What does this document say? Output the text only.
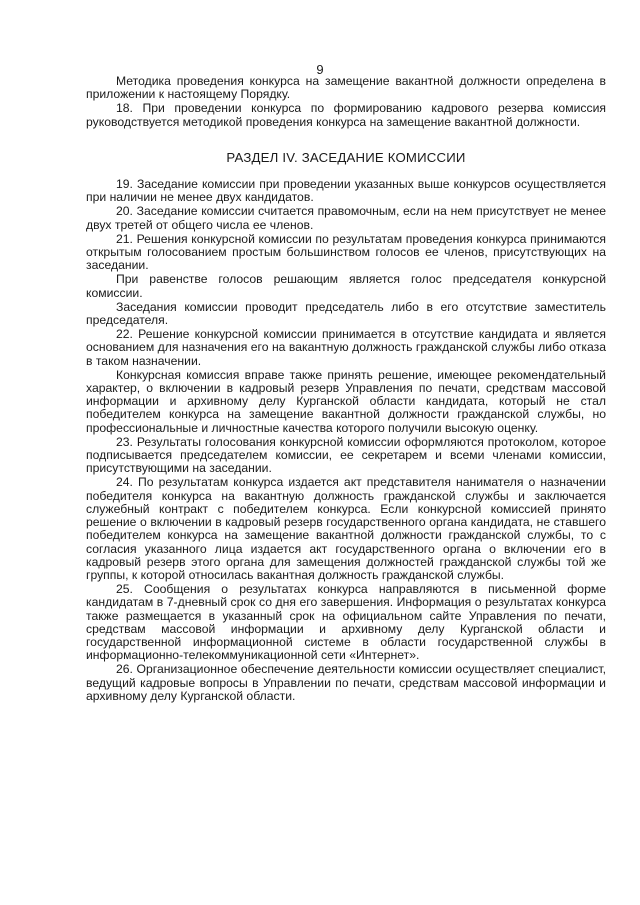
9

Методика проведения конкурса на замещение вакантной должности определена в приложении к настоящему Порядку.

18. При проведении конкурса по формированию кадрового резерва комиссия руководствуется методикой проведения конкурса на замещение вакантной должности.

РАЗДЕЛ IV. ЗАСЕДАНИЕ КОМИССИИ

19. Заседание комиссии при проведении указанных выше конкурсов осуществляется при наличии не менее двух кандидатов.

20. Заседание комиссии считается правомочным, если на нем присутствует не менее двух третей от общего числа ее членов.

21. Решения конкурсной комиссии по результатам проведения конкурса принимаются открытым голосованием простым большинством голосов ее членов, присутствующих на заседании.

При равенстве голосов решающим является голос председателя конкурсной комиссии.

Заседания комиссии проводит председатель либо в его отсутствие заместитель председателя.

22. Решение конкурсной комиссии принимается в отсутствие кандидата и является основанием для назначения его на вакантную должность гражданской службы либо отказа в таком назначении.

Конкурсная комиссия вправе также принять решение, имеющее рекомендательный характер, о включении в кадровый резерв Управления по печати, средствам массовой информации и архивному делу Курганской области кандидата, который не стал победителем конкурса на замещение вакантной должности гражданской службы, но профессиональные и личностные качества которого получили высокую оценку.

23. Результаты голосования конкурсной комиссии оформляются протоколом, которое подписывается председателем комиссии, ее секретарем и всеми членами комиссии, присутствующими на заседании.

24. По результатам конкурса издается акт представителя нанимателя о назначении победителя конкурса на вакантную должность гражданской службы и заключается служебный контракт с победителем конкурса. Если конкурсной комиссией принято решение о включении в кадровый резерв государственного органа кандидата, не ставшего победителем конкурса на замещение вакантной должности гражданской службы, то с согласия указанного лица издается акт государственного органа о включении его в кадровый резерв этого органа для замещения должностей гражданской службы той же группы, к которой относилась вакантная должность гражданской службы.

25. Сообщения о результатах конкурса направляются в письменной форме кандидатам в 7-дневный срок со дня его завершения. Информация о результатах конкурса также размещается в указанный срок на официальном сайте Управления по печати, средствам массовой информации и архивному делу Курганской области и государственной информационной системе в области государственной службы в информационно-телекоммуникационной сети «Интернет».

26. Организационное обеспечение деятельности комиссии осуществляет специалист, ведущий кадровые вопросы в Управлении по печати, средствам массовой информации и архивному делу Курганской области.
